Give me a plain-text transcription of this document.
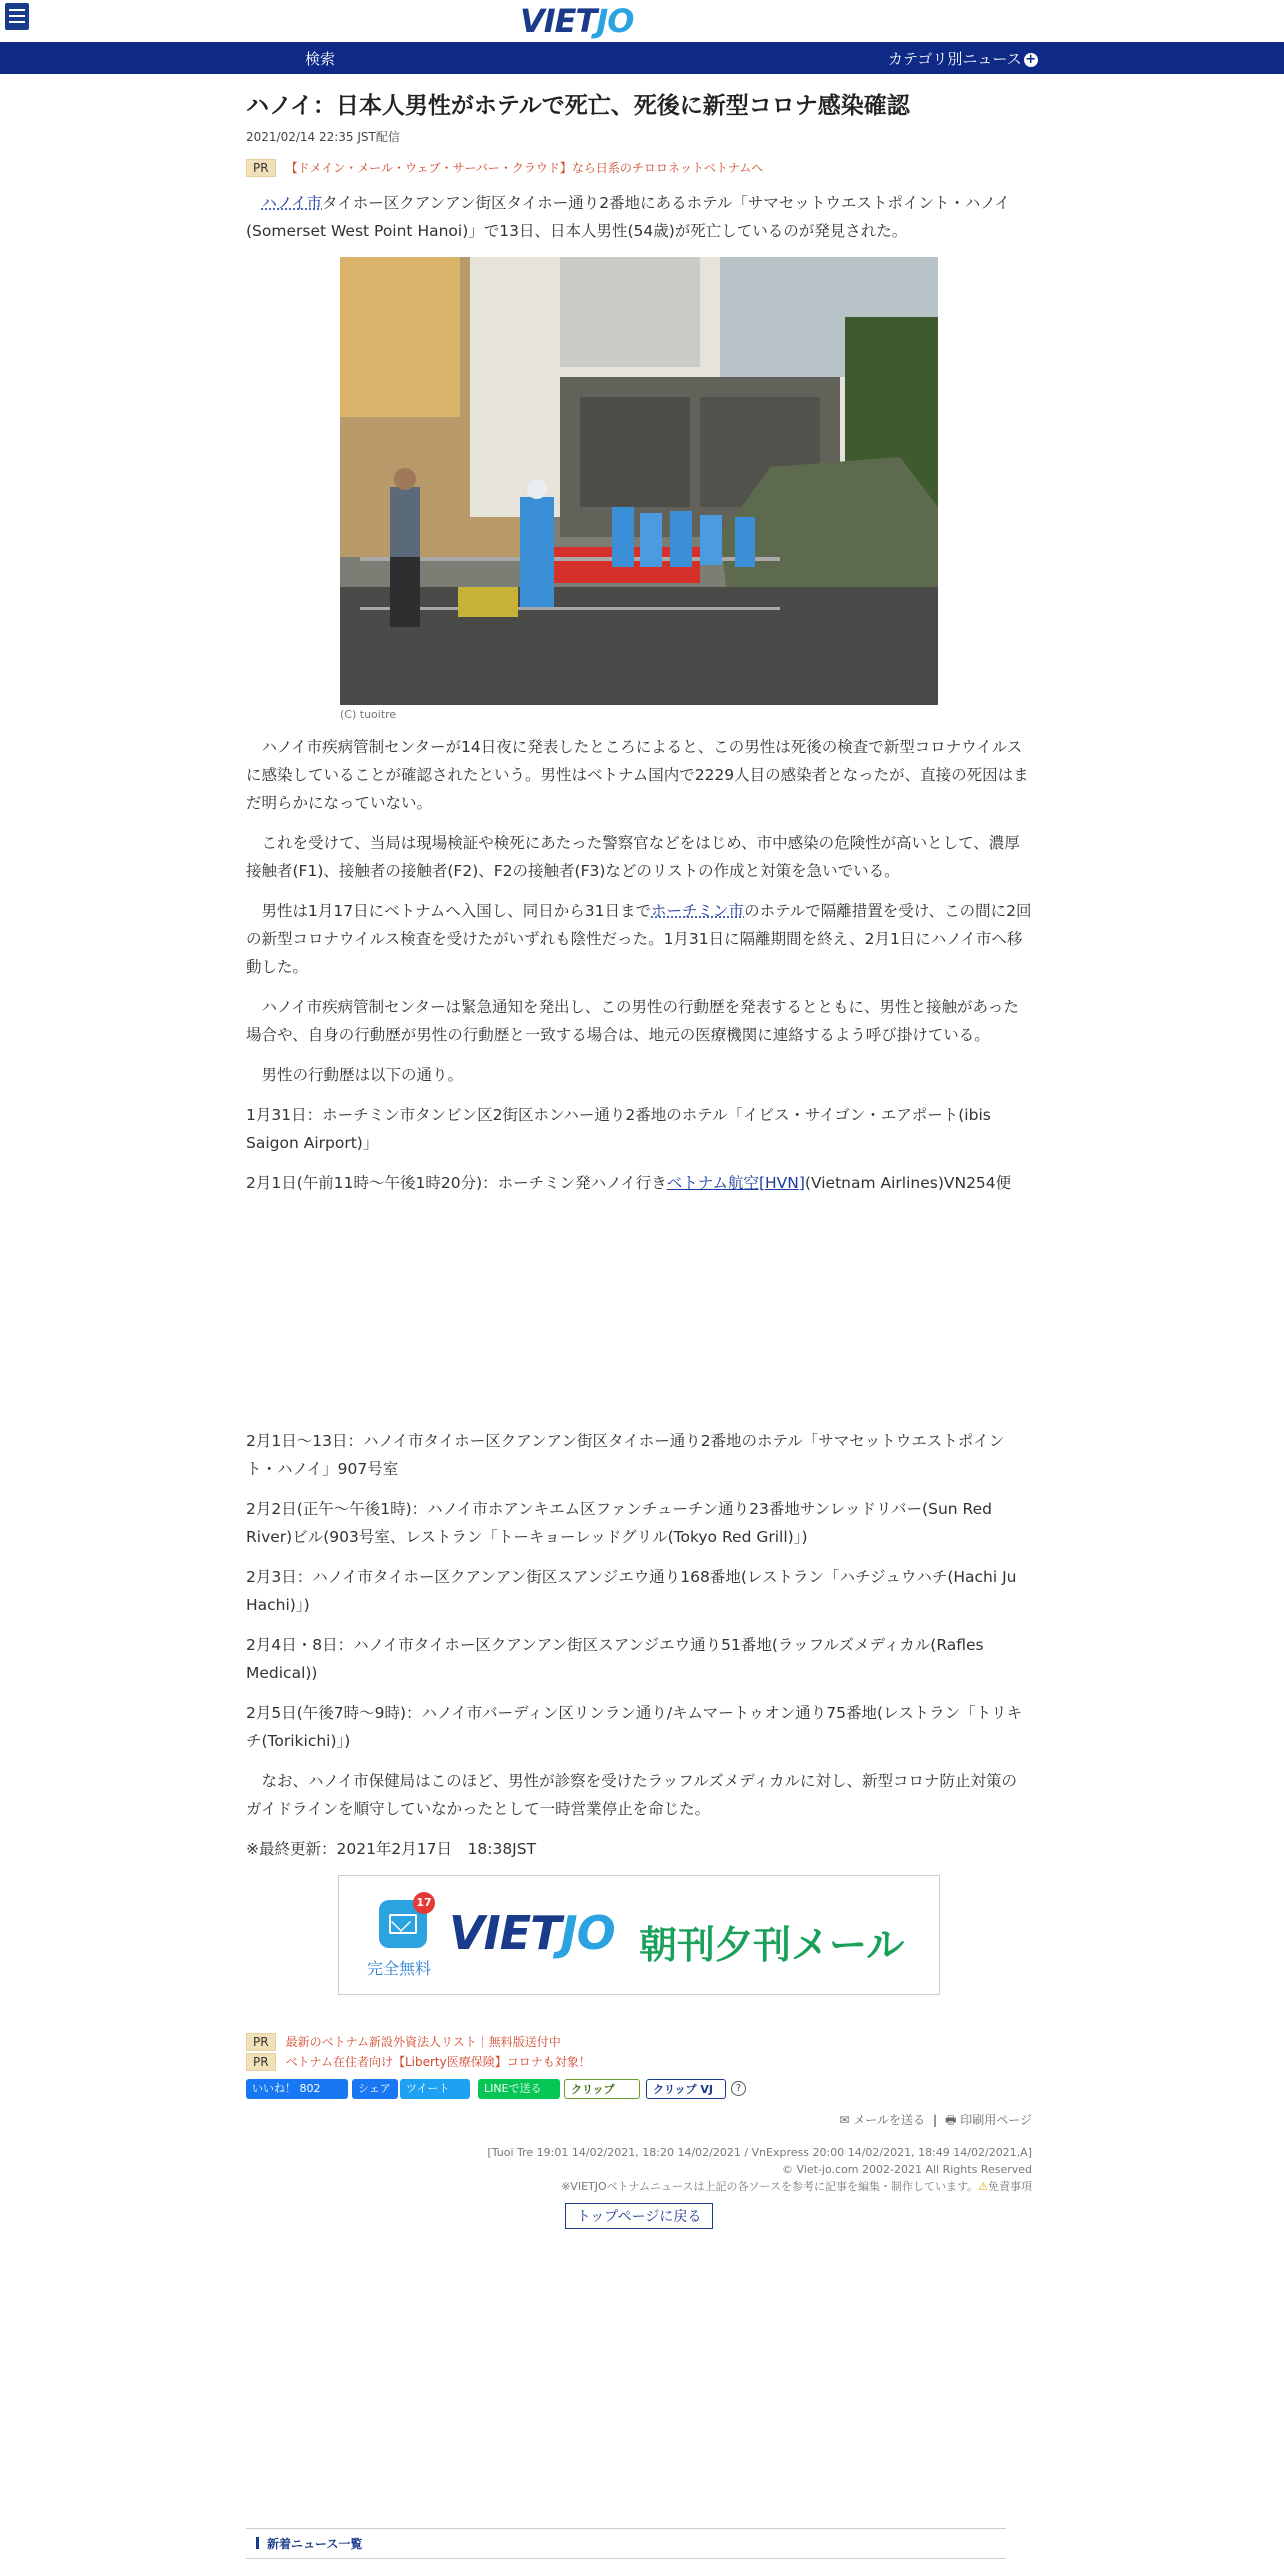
VIETJO
検索	カテゴリ別ニュース +
ハノイ：日本人男性がホテルで死亡、死後に新型コロナ感染確認
2021/02/14 22:35 JST配信
PR 【ドメイン・メール・ウェブ・サーバー・クラウド】なら日系のチロロネットベトナムへ

ハノイ市タイホー区クアンアン街区タイホー通り2番地にあるホテル「サマセットウエストポイント・ハノイ(Somerset West Point Hanoi)」で13日、日本人男性(54歳)が死亡しているのが発見された。

(C) tuoitre

ハノイ市疾病管制センターが14日夜に発表したところによると、この男性は死後の検査で新型コロナウイルスに感染していることが確認されたという。男性はベトナム国内で2229人目の感染者となったが、直接の死因はまだ明らかになっていない。

これを受けて、当局は現場検証や検死にあたった警察官などをはじめ、市中感染の危険性が高いとして、濃厚接触者(F1)、接触者の接触者(F2)、F2の接触者(F3)などのリストの作成と対策を急いでいる。

男性は1月17日にベトナムへ入国し、同日から31日までホーチミン市のホテルで隔離措置を受け、この間に2回の新型コロナウイルス検査を受けたがいずれも陰性だった。1月31日に隔離期間を終え、2月1日にハノイ市へ移動した。

ハノイ市疾病管制センターは緊急通知を発出し、この男性の行動歴を発表するとともに、男性と接触があった場合や、自身の行動歴が男性の行動歴と一致する場合は、地元の医療機関に連絡するよう呼び掛けている。

男性の行動歴は以下の通り。

1月31日：ホーチミン市タンビン区2街区ホンハー通り2番地のホテル「イビス・サイゴン・エアポート(ibis Saigon Airport)」

2月1日(午前11時～午後1時20分)：ホーチミン発ハノイ行きベトナム航空[HVN](Vietnam Airlines)VN254便

2月1日～13日：ハノイ市タイホー区クアンアン街区タイホー通り2番地のホテル「サマセットウエストポイント・ハノイ」907号室

2月2日(正午～午後1時)：ハノイ市ホアンキエム区ファンチューチン通り23番地サンレッドリバー(Sun Red River)ビル(903号室、レストラン「トーキョーレッドグリル(Tokyo Red Grill)」)

2月3日：ハノイ市タイホー区クアンアン街区スアンジエウ通り168番地(レストラン「ハチジュウハチ(Hachi Ju Hachi)」)

2月4日・8日：ハノイ市タイホー区クアンアン街区スアンジエウ通り51番地(ラッフルズメディカル(Rafles Medical))

2月5日(午後7時～9時)：ハノイ市バーディン区リンラン通り/キムマートゥオン通り75番地(レストラン「トリキチ(Torikichi)」)

なお、ハノイ市保健局はこのほど、男性が診察を受けたラッフルズメディカルに対し、新型コロナ防止対策のガイドラインを順守していなかったとして一時営業停止を命じた。

※最終更新：2021年2月17日　18:38JST

17
完全無料
VIETJO 朝刊夕刊メール
PR 最新のベトナム新設外資法人リスト｜無料版送付中
PR ベトナム在住者向け【Liberty医療保険】コロナも対象！
いいね！ 802	シェア	ツイート	LINEで送る	クリップ	クリップ VJ	?
✉ メールを送る | 🖶 印刷用ページ
[Tuoi Tre 19:01 14/02/2021, 18:20 14/02/2021 / VnExpress 20:00 14/02/2021, 18:49 14/02/2021,A]
© Viet-jo.com 2002-2021 All Rights Reserved
※VIETJOベトナムニュースは上記の各ソースを参考に記事を編集・制作しています。⚠免責事項
トップページに戻る
新着ニュース一覧
